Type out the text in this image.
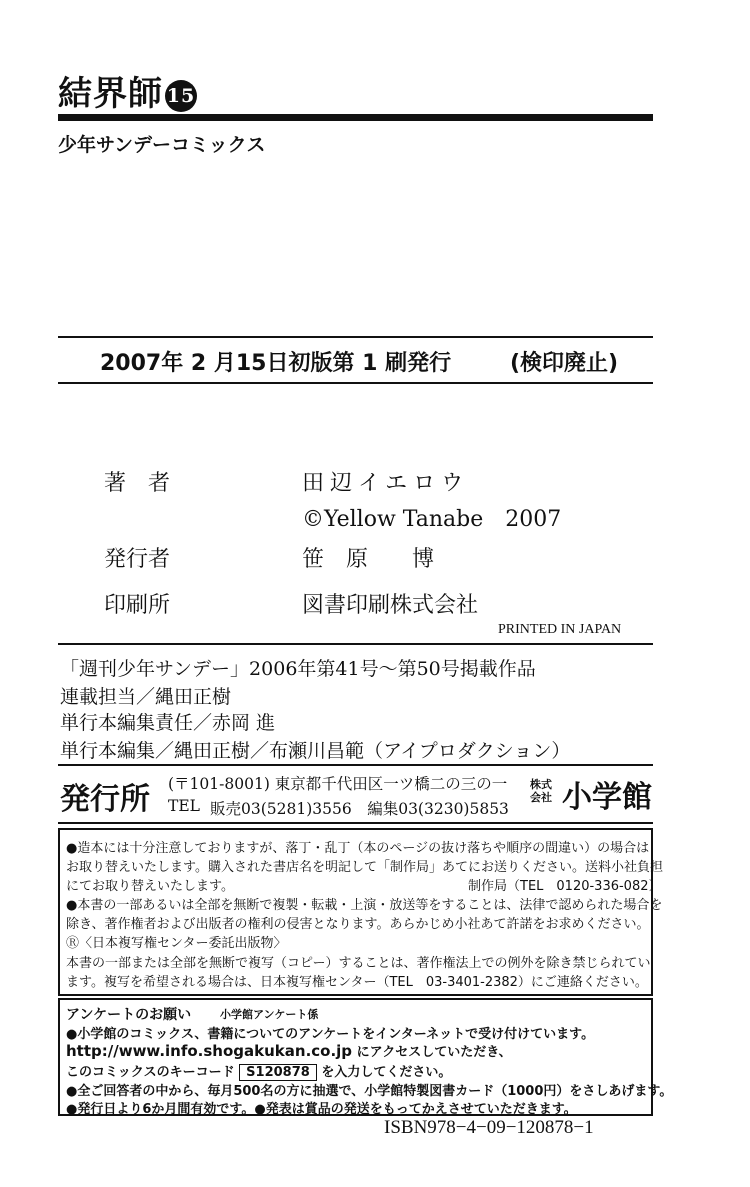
結界師 15
少年サンデーコミックス
2007年 2 月15日初版第 1 刷発行	(検印廃止)
著　者	田辺イエロウ
©Yellow Tanabe　2007
発行者	笹　原　　博
印刷所	図書印刷株式会社
PRINTED IN JAPAN
「週刊少年サンデー」2006年第41号〜第50号掲載作品
連載担当／縄田正樹
単行本編集責任／赤岡 進
単行本編集／縄田正樹／布瀬川昌範（アイプロダクション）
発行所 (〒101-8001) 東京都千代田区一ツ橋二の三の一
TEL 販売03(5281)3556　編集03(3230)5853
株式
会社 小学館
●造本には十分注意しておりますが、落丁・乱丁（本のページの抜け落ちや順序の間違い）の場合は
お取り替えいたします。購入された書店名を明記して「制作局」あてにお送りください。送料小社負担
にてお取り替えいたします。	制作局（TEL　0120-336-082）
●本書の一部あるいは全部を無断で複製・転載・上演・放送等をすることは、法律で認められた場合を
除き、著作権者および出版者の権利の侵害となります。あらかじめ小社あて許諾をお求めください。
Ⓡ〈日本複写権センター委託出版物〉
本書の一部または全部を無断で複写（コピー）することは、著作権法上での例外を除き禁じられてい
ます。複写を希望される場合は、日本複写権センター（TEL　03-3401-2382）にご連絡ください。
アンケートのお願い	小学館アンケート係
●小学館のコミックス、書籍についてのアンケートをインターネットで受け付けています。
http://www.info.shogakukan.co.jp にアクセスしていただき、
このコミックスのキーコード S120878 を入力してください。
●全ご回答者の中から、毎月500名の方に抽選で、小学館特製図書カード（1000円）をさしあげます。
●発行日より6か月間有効です。●発表は賞品の発送をもってかえさせていただきます。
ISBN978−4−09−120878−1
